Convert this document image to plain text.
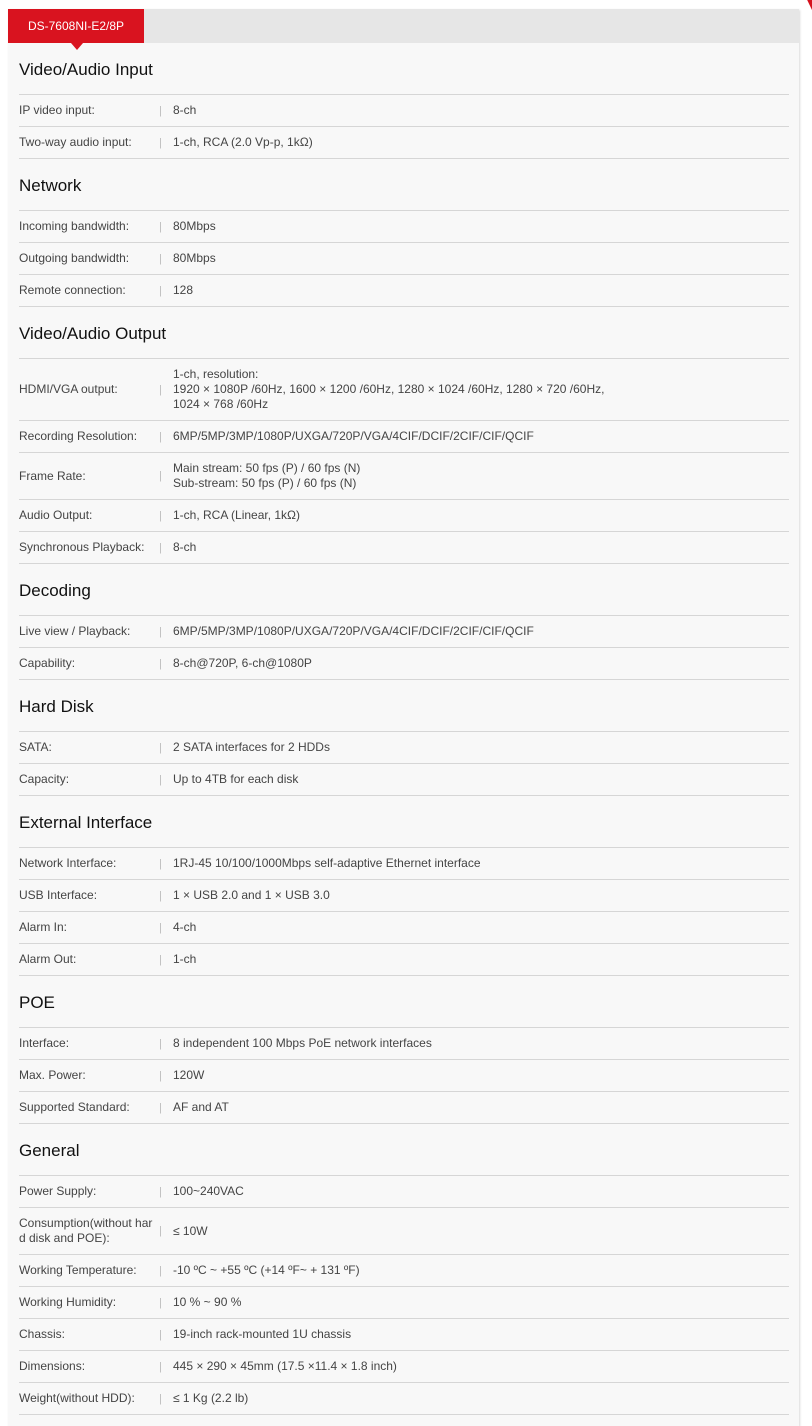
DS-7608NI-E2/8P
Video/Audio Input
IP video input:	| 8-ch
Two-way audio input:	| 1-ch, RCA (2.0 Vp-p, 1kΩ)
Network
Incoming bandwidth:	| 80Mbps
Outgoing bandwidth:	| 80Mbps
Remote connection:	| 128
Video/Audio Output
HDMI/VGA output:	|
1-ch, resolution:
1920 × 1080P /60Hz, 1600 × 1200 /60Hz, 1280 × 1024 /60Hz, 1280 × 720 /60Hz,
1024 × 768 /60Hz
Recording Resolution:	| 6MP/5MP/3MP/1080P/UXGA/720P/VGA/4CIF/DCIF/2CIF/CIF/QCIF
Frame Rate:	|
Main stream: 50 fps (P) / 60 fps (N)
Sub-stream: 50 fps (P) / 60 fps (N)
Audio Output:	| 1-ch, RCA (Linear, 1kΩ)
Synchronous Playback:	| 8-ch
Decoding
Live view / Playback:	| 6MP/5MP/3MP/1080P/UXGA/720P/VGA/4CIF/DCIF/2CIF/CIF/QCIF
Capability:	| 8-ch@720P, 6-ch@1080P
Hard Disk
SATA:	| 2 SATA interfaces for 2 HDDs
Capacity:	| Up to 4TB for each disk
External Interface
Network Interface:	| 1RJ-45 10/100/1000Mbps self-adaptive Ethernet interface
USB Interface:	| 1 × USB 2.0 and 1 × USB 3.0
Alarm In:	| 4-ch
Alarm Out:	| 1-ch
POE
Interface:	| 8 independent 100 Mbps PoE network interfaces
Max. Power:	| 120W
Supported Standard:	| AF and AT
General
Power Supply:	| 100~240VAC
Consumption(without hard disk and POE):	| ≤ 10W
Working Temperature:	| -10 ºC ~ +55 ºC (+14 ºF~ + 131 ºF)
Working Humidity:	| 10 % ~ 90 %
Chassis:	| 19-inch rack-mounted 1U chassis
Dimensions:	| 445 × 290 × 45mm (17.5 ×11.4 × 1.8 inch)
Weight(without HDD):	| ≤ 1 Kg (2.2 lb)
